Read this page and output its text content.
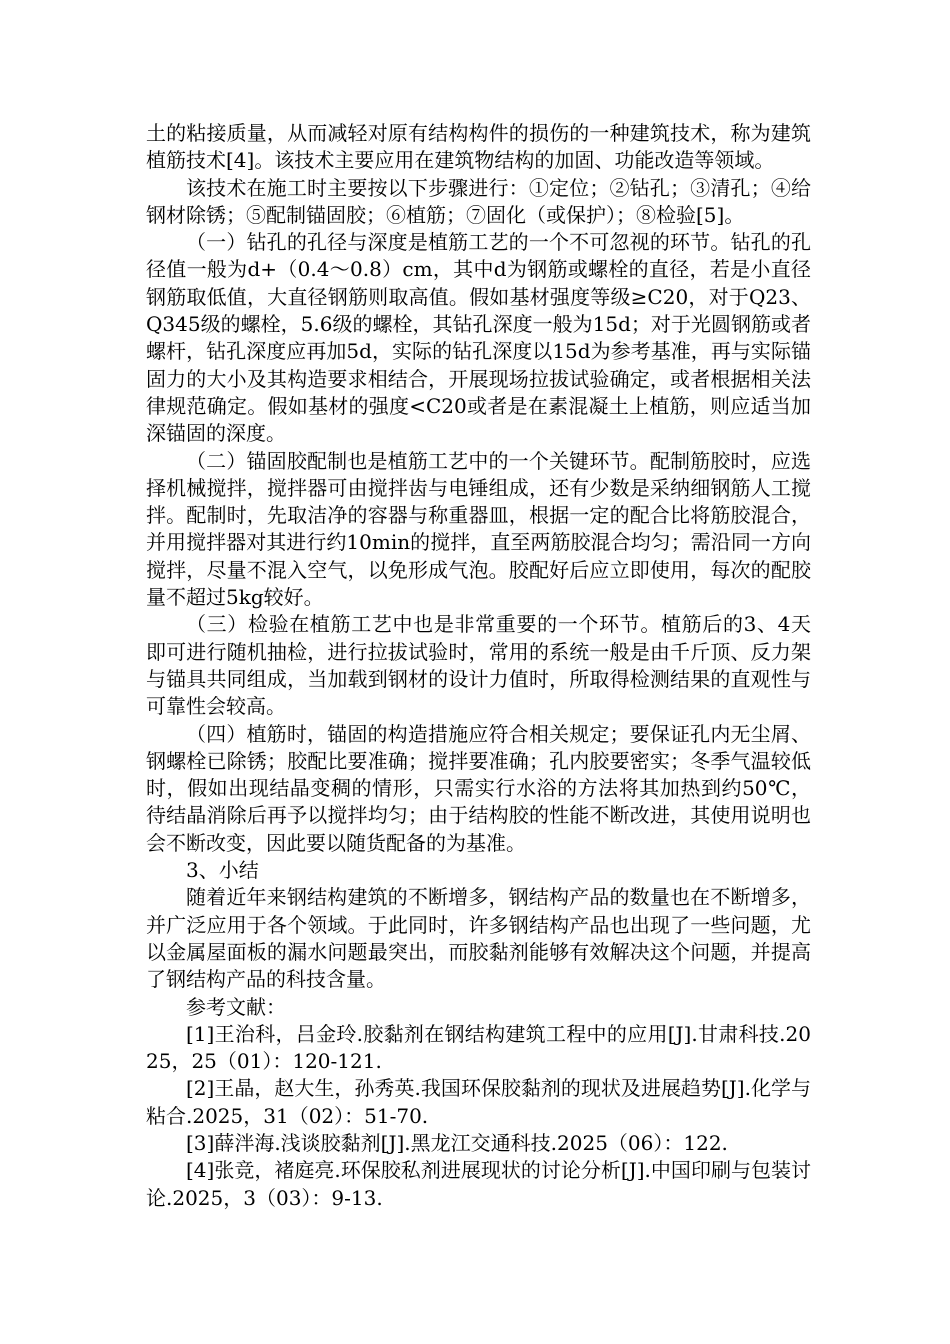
土的粘接质量，从而减轻对原有结构构件的损伤的一种建筑技术，称为建筑植筋技术[4]。该技术主要应用在建筑物结构的加固、功能改造等领域。

该技术在施工时主要按以下步骤进行：①定位；②钻孔；③清孔；④给钢材除锈；⑤配制锚固胶；⑥植筋；⑦固化（或保护）；⑧检验[5]。

（一）钻孔的孔径与深度是植筋工艺的一个不可忽视的环节。钻孔的孔径值一般为d+（0.4～0.8）cm，其中d为钢筋或螺栓的直径，若是小直径钢筋取低值，大直径钢筋则取高值。假如基材强度等级≥C20，对于Q23、Q345级的螺栓，5.6级的螺栓，其钻孔深度一般为15d；对于光圆钢筋或者螺杆，钻孔深度应再加5d，实际的钻孔深度以15d为参考基准，再与实际锚固力的大小及其构造要求相结合，开展现场拉拔试验确定，或者根据相关法律规范确定。假如基材的强度<C20或者是在素混凝土上植筋，则应适当加深锚固的深度。

（二）锚固胶配制也是植筋工艺中的一个关键环节。配制筋胶时，应选择机械搅拌，搅拌器可由搅拌齿与电锤组成，还有少数是采纳细钢筋人工搅拌。配制时，先取洁净的容器与称重器皿，根据一定的配合比将筋胶混合，并用搅拌器对其进行约10min的搅拌，直至两筋胶混合均匀；需沿同一方向搅拌，尽量不混入空气，以免形成气泡。胶配好后应立即使用，每次的配胶量不超过5kg较好。

（三）检验在植筋工艺中也是非常重要的一个环节。植筋后的3、4天即可进行随机抽检，进行拉拔试验时，常用的系统一般是由千斤顶、反力架与锚具共同组成，当加载到钢材的设计力值时，所取得检测结果的直观性与可靠性会较高。

（四）植筋时，锚固的构造措施应符合相关规定；要保证孔内无尘屑、钢螺栓已除锈；胶配比要准确；搅拌要准确；孔内胶要密实；冬季气温较低时，假如出现结晶变稠的情形，只需实行水浴的方法将其加热到约50℃，待结晶消除后再予以搅拌均匀；由于结构胶的性能不断改进，其使用说明也会不断改变，因此要以随货配备的为基准。

3、小结

随着近年来钢结构建筑的不断增多，钢结构产品的数量也在不断增多，并广泛应用于各个领域。于此同时，许多钢结构产品也出现了一些问题，尤以金属屋面板的漏水问题最突出，而胶黏剂能够有效解决这个问题，并提高了钢结构产品的科技含量。

参考文献：

[1]王治科，吕金玲.胶黏剂在钢结构建筑工程中的应用[J].甘肃科技.2025，25（01）：120-121.

[2]王晶，赵大生，孙秀英.我国环保胶黏剂的现状及进展趋势[J].化学与粘合.2025，31（02）：51-70.

[3]薛泮海.浅谈胶黏剂[J].黑龙江交通科技.2025（06）：122.

[4]张竞，褚庭亮.环保胶私剂进展现状的讨论分析[J].中国印刷与包装讨论.2025，3（03）：9-13.
